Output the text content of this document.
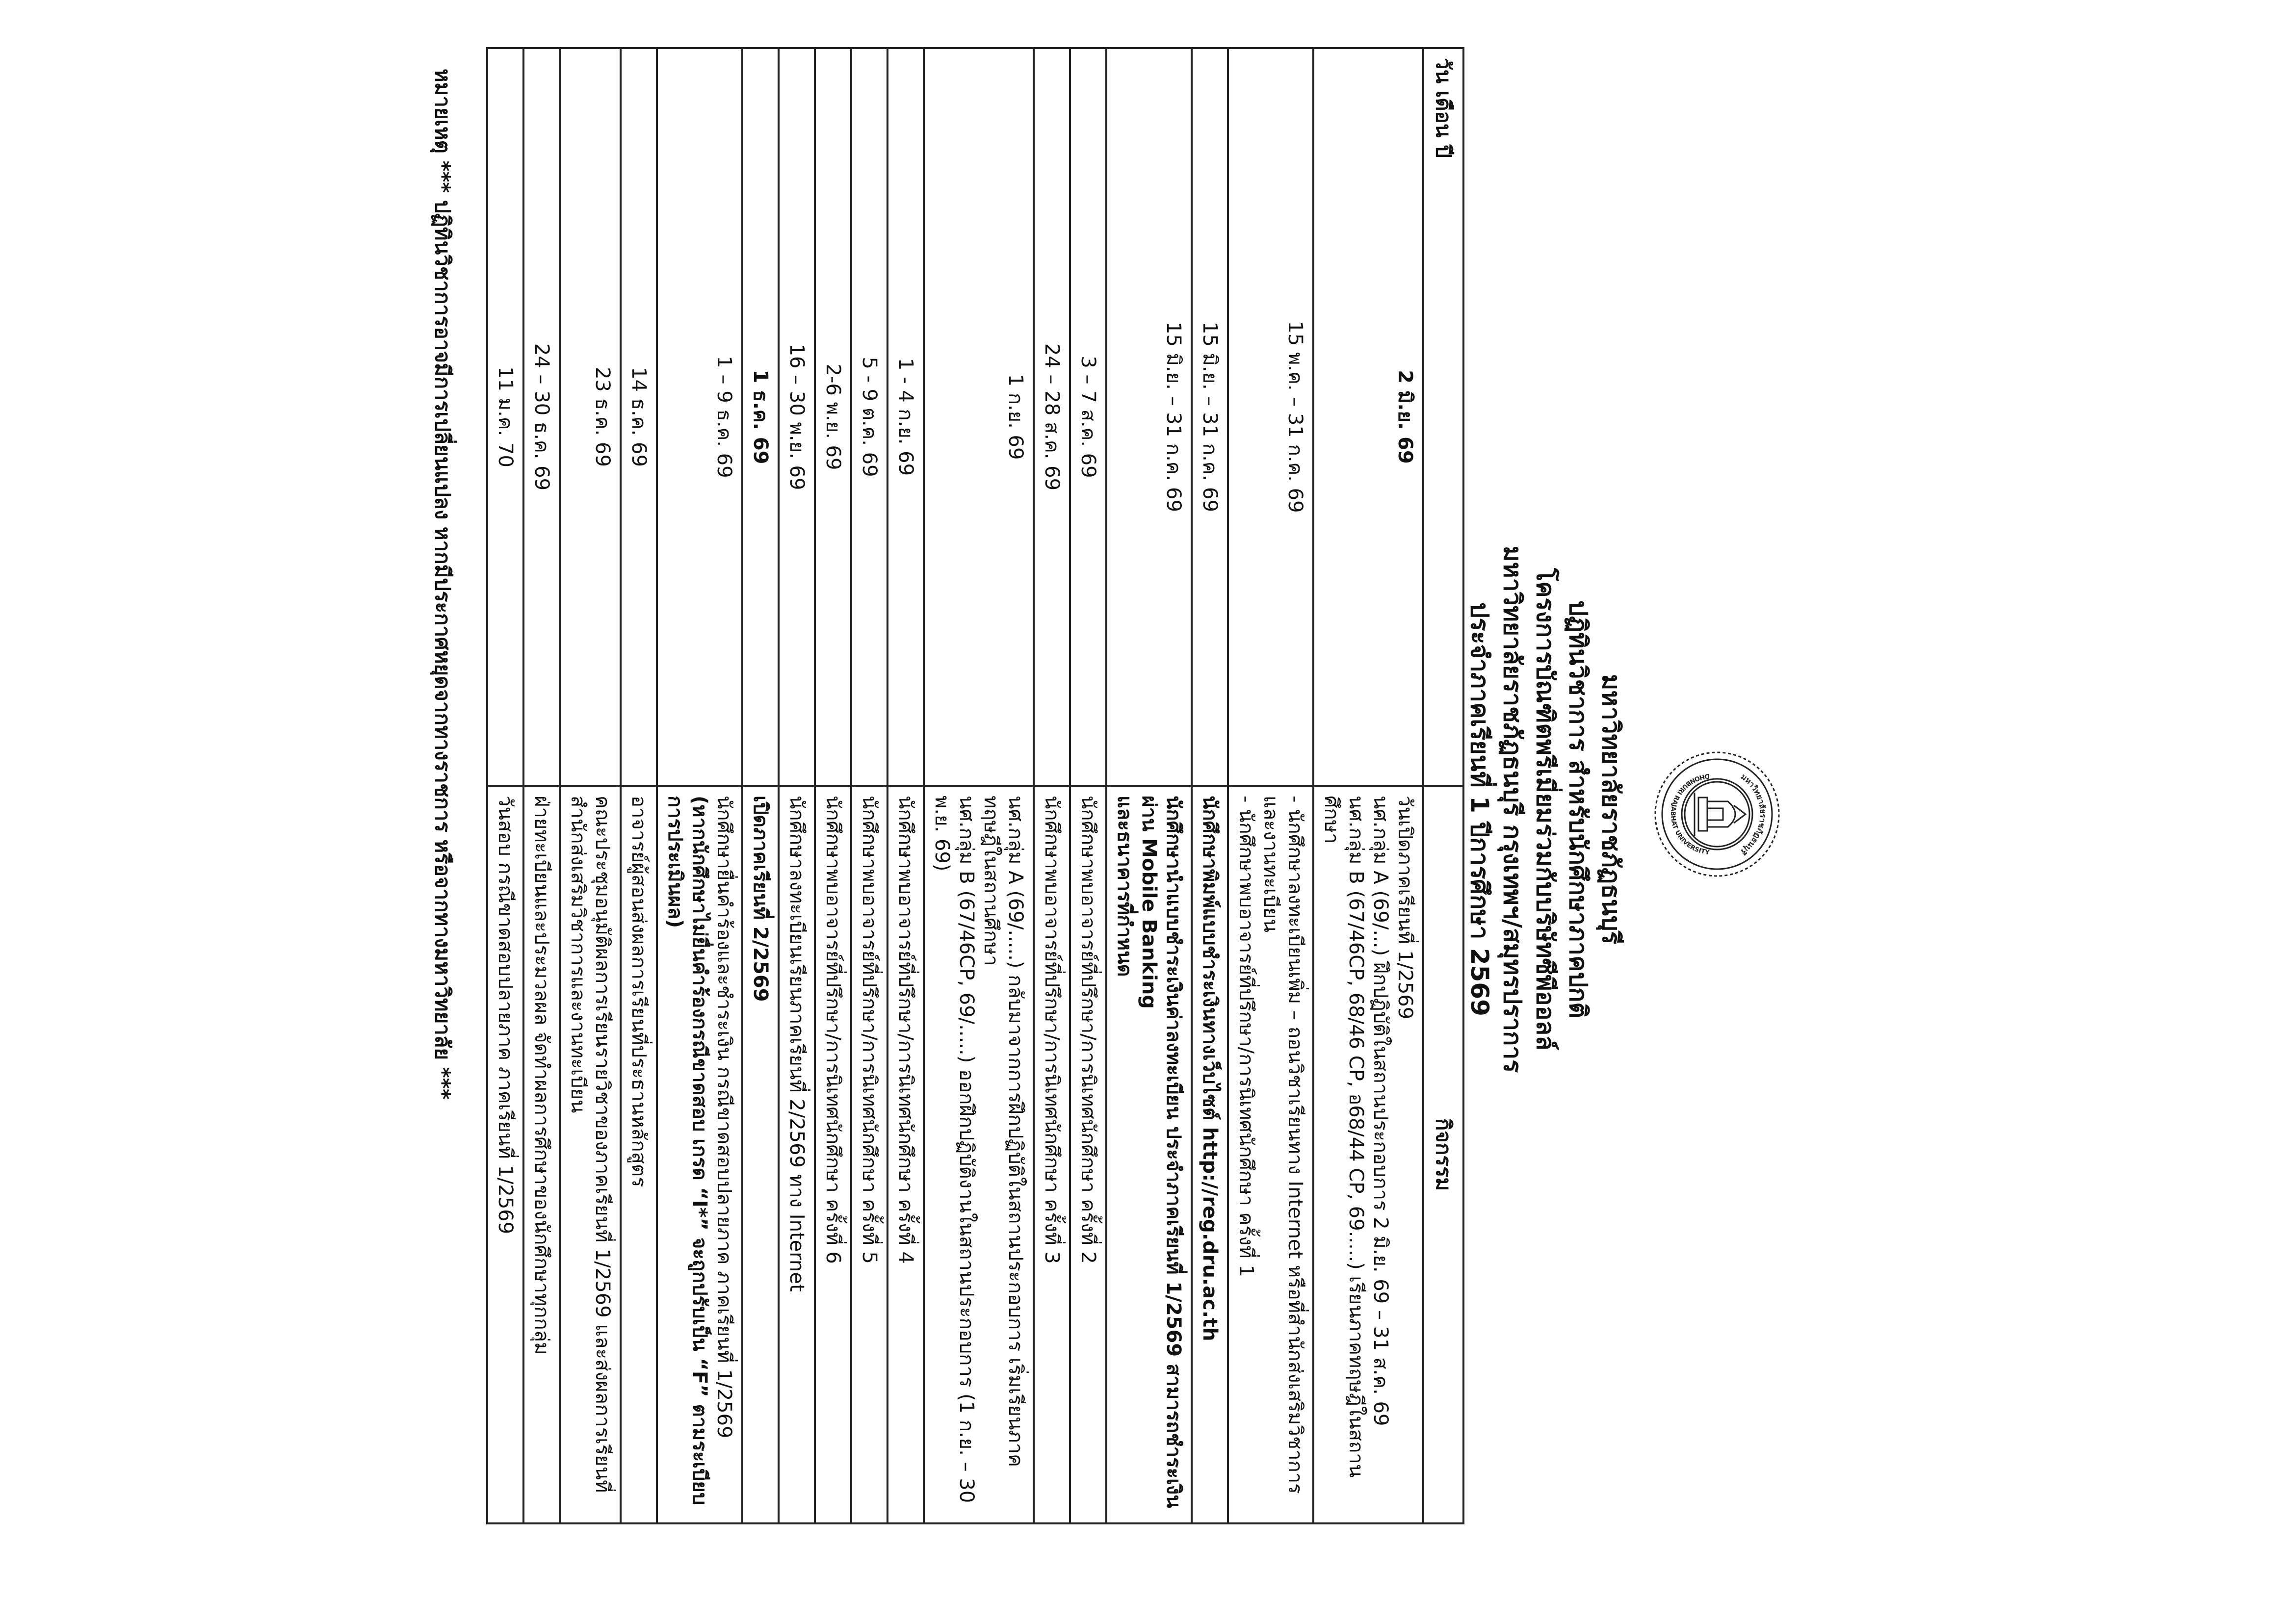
มหาวิทยาลัยราชภัฏธนบุรี
DHONBURI RAJABHAT UNIVERSITY
มหาวิทยาลัยราชภัฏธนบุรี
ปฏิทินวิชาการ สำหรับนักศึกษาภาคปกติ
โครงการบัณฑิตพรีเมี่ยมร่วมกับบริษัทซีพีออลล์
มหาวิทยาลัยราชภัฏธนบุรี กรุงเทพฯ/สมุทรปราการ
ประจำภาคเรียนที่ 1 ปีการศึกษา 2569
วัน เดือน ปี	กิจกรรม
2 มิ.ย. 69	วันเปิดภาคเรียนที่ 1/2569
นศ.กลุ่ม A (69/...) ฝึกปฏิบัติในสถานประกอบการ 2 มิ.ย. 69 – 31 ส.ค. 69
นศ.กลุ่ม B (67/46CP, 68/46 CP, อ68/44 CP, 69.....) เรียนภาคทฤษฎีในสถานศึกษา

15 พ.ค. – 31 ก.ค. 69	- นักศึกษาลงทะเบียนเพิ่ม – ถอนวิชาเรียนทาง Internet หรือที่สำนักส่งเสริมวิชาการและงานทะเบียน
- นักศึกษาพบอาจารย์ที่ปรึกษา/การนิเทศนักศึกษา ครั้งที่ 1

15 มิ.ย. – 31 ก.ค. 69	นักศึกษาพิมพ์แบบชำระเงินทางเว็บไซต์ http://reg.dru.ac.th

15 มิ.ย. – 31 ก.ค. 69	นักศึกษานำแบบชำระเงินค่าลงทะเบียน ประจำภาคเรียนที่ 1/2569 สามารถชำระเงินผ่าน Mobile Banking
และธนาคารที่กำหนด

3 – 7 ส.ค. 69	นักศึกษาพบอาจารย์ที่ปรึกษา/การนิเทศนักศึกษา ครั้งที่ 2

24 – 28 ส.ค. 69	นักศึกษาพบอาจารย์ที่ปรึกษา/การนิเทศนักศึกษา ครั้งที่ 3

1 ก.ย. 69	นศ.กลุ่ม A (69/.....) กลับมาจากการฝึกปฏิบัติในสถานประกอบการ เริ่มเรียนภาคทฤษฎีในสถานศึกษา
นศ.กลุ่ม B (67/46CP, 69/.....) ออกฝึกปฏิบัติงานในสถานประกอบการ (1 ก.ย. – 30 พ.ย. 69)

1 - 4 ก.ย. 69	นักศึกษาพบอาจารย์ที่ปรึกษา/การนิเทศนักศึกษา ครั้งที่ 4

5 - 9 ต.ค. 69	นักศึกษาพบอาจารย์ที่ปรึกษา/การนิเทศนักศึกษา ครั้งที่ 5

2-6 พ.ย. 69	นักศึกษาพบอาจารย์ที่ปรึกษา/การนิเทศนักศึกษา ครั้งที่ 6

16 – 30 พ.ย. 69	นักศึกษาลงทะเบียนเรียนภาคเรียนที่ 2/2569 ทาง Internet

1 ธ.ค. 69	เปิดภาคเรียนที่ 2/2569

1 – 9 ธ.ค. 69	นักศึกษายื่นคำร้องและชำระเงิน กรณีขาดสอบปลายภาค ภาคเรียนที่ 1/2569
(หากนักศึกษาไม่ยื่นคำร้องกรณีขาดสอบ เกรด “I*” จะถูกปรับเป็น “F” ตามระเบียบการประเมินผล)

14 ธ.ค. 69	อาจารย์ผู้สอนส่งผลการเรียนที่ประธานหลักสูตร

23 ธ.ค. 69	คณะประชุมอนุมัติผลการเรียนรายวิชาของภาคเรียนที่ 1/2569 และส่งผลการเรียนที่สำนักส่งเสริมวิชาการและงานทะเบียน

24 – 30 ธ.ค. 69	ฝ่ายทะเบียนและประมวลผล จัดทำผลการศึกษาของนักศึกษาทุกกลุ่ม

11 ม.ค. 70	วันสอบ กรณีขาดสอบปลายภาค ภาคเรียนที่ 1/2569
หมายเหตุ *** ปฏิทินวิชาการอาจมีการเปลี่ยนแปลง หากมีประกาศหยุดจากทางราชการ หรือจากทางมหาวิทยาลัย ***
